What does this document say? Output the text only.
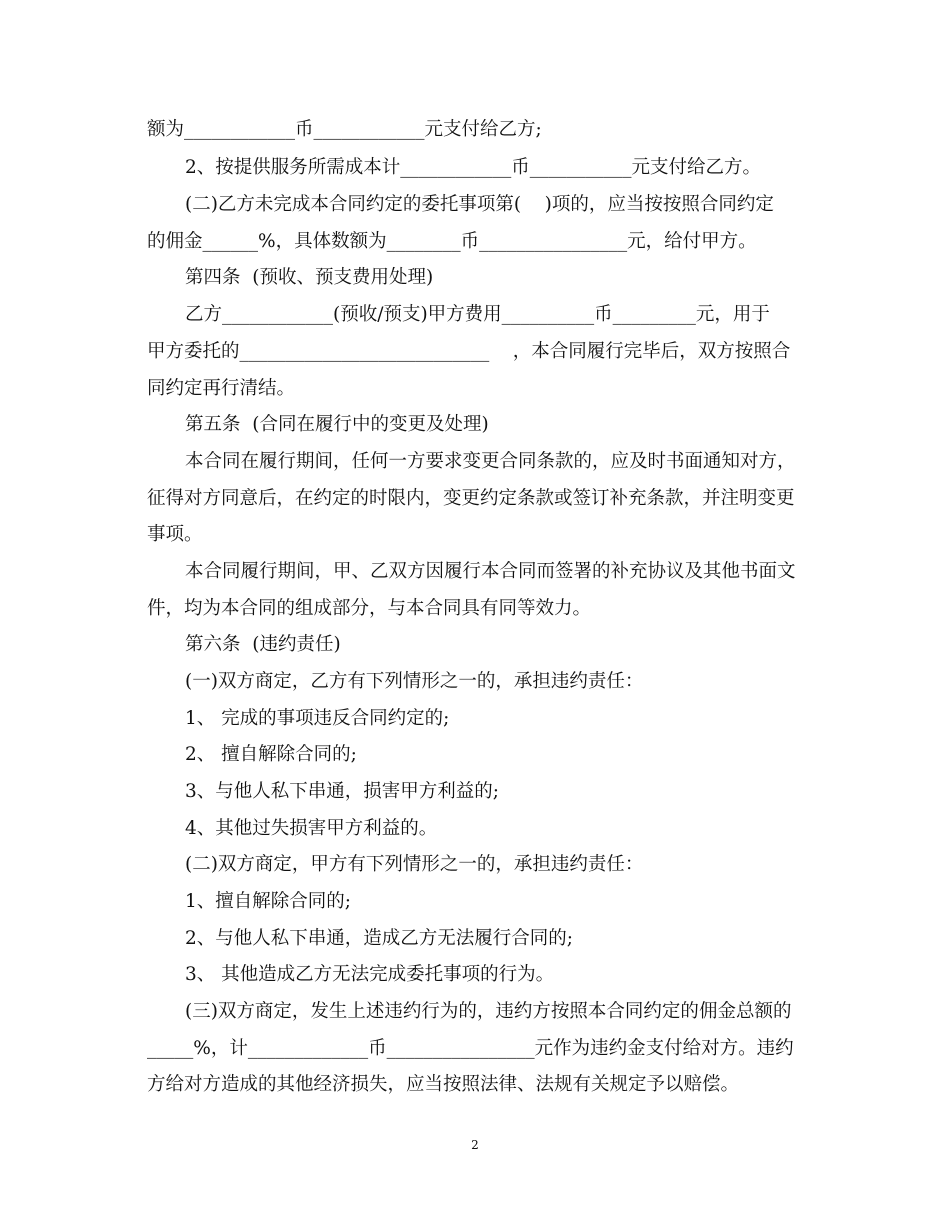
额为____________币____________元支付给乙方;
2、按提供服务所需成本计____________币___________元支付给乙方。
(二)乙方未完成本合同约定的委托事项第(    )项的，应当按按照合同约定
的佣金______%，具体数额为________币________________元，给付甲方。
第四条  (预收、预支费用处理)
乙方____________(预收/预支)甲方费用__________币_________元，用于
甲方委托的___________________________    ，本合同履行完毕后，双方按照合
同约定再行清结。
第五条  (合同在履行中的变更及处理)
本合同在履行期间，任何一方要求变更合同条款的，应及时书面通知对方，
征得对方同意后，在约定的时限内，变更约定条款或签订补充条款，并注明变更
事项。
本合同履行期间，甲、乙双方因履行本合同而签署的补充协议及其他书面文
件，均为本合同的组成部分，与本合同具有同等效力。
第六条  (违约责任)
(一)双方商定，乙方有下列情形之一的，承担违约责任：
1、 完成的事项违反合同约定的;
2、 擅自解除合同的;
3、与他人私下串通，损害甲方利益的;
4、其他过失损害甲方利益的。
(二)双方商定，甲方有下列情形之一的，承担违约责任：
1、擅自解除合同的;
2、与他人私下串通，造成乙方无法履行合同的;
3、 其他造成乙方无法完成委托事项的行为。
(三)双方商定，发生上述违约行为的，违约方按照本合同约定的佣金总额的
_____%，计_____________币________________元作为违约金支付给对方。违约
方给对方造成的其他经济损失，应当按照法律、法规有关规定予以赔偿。
2
